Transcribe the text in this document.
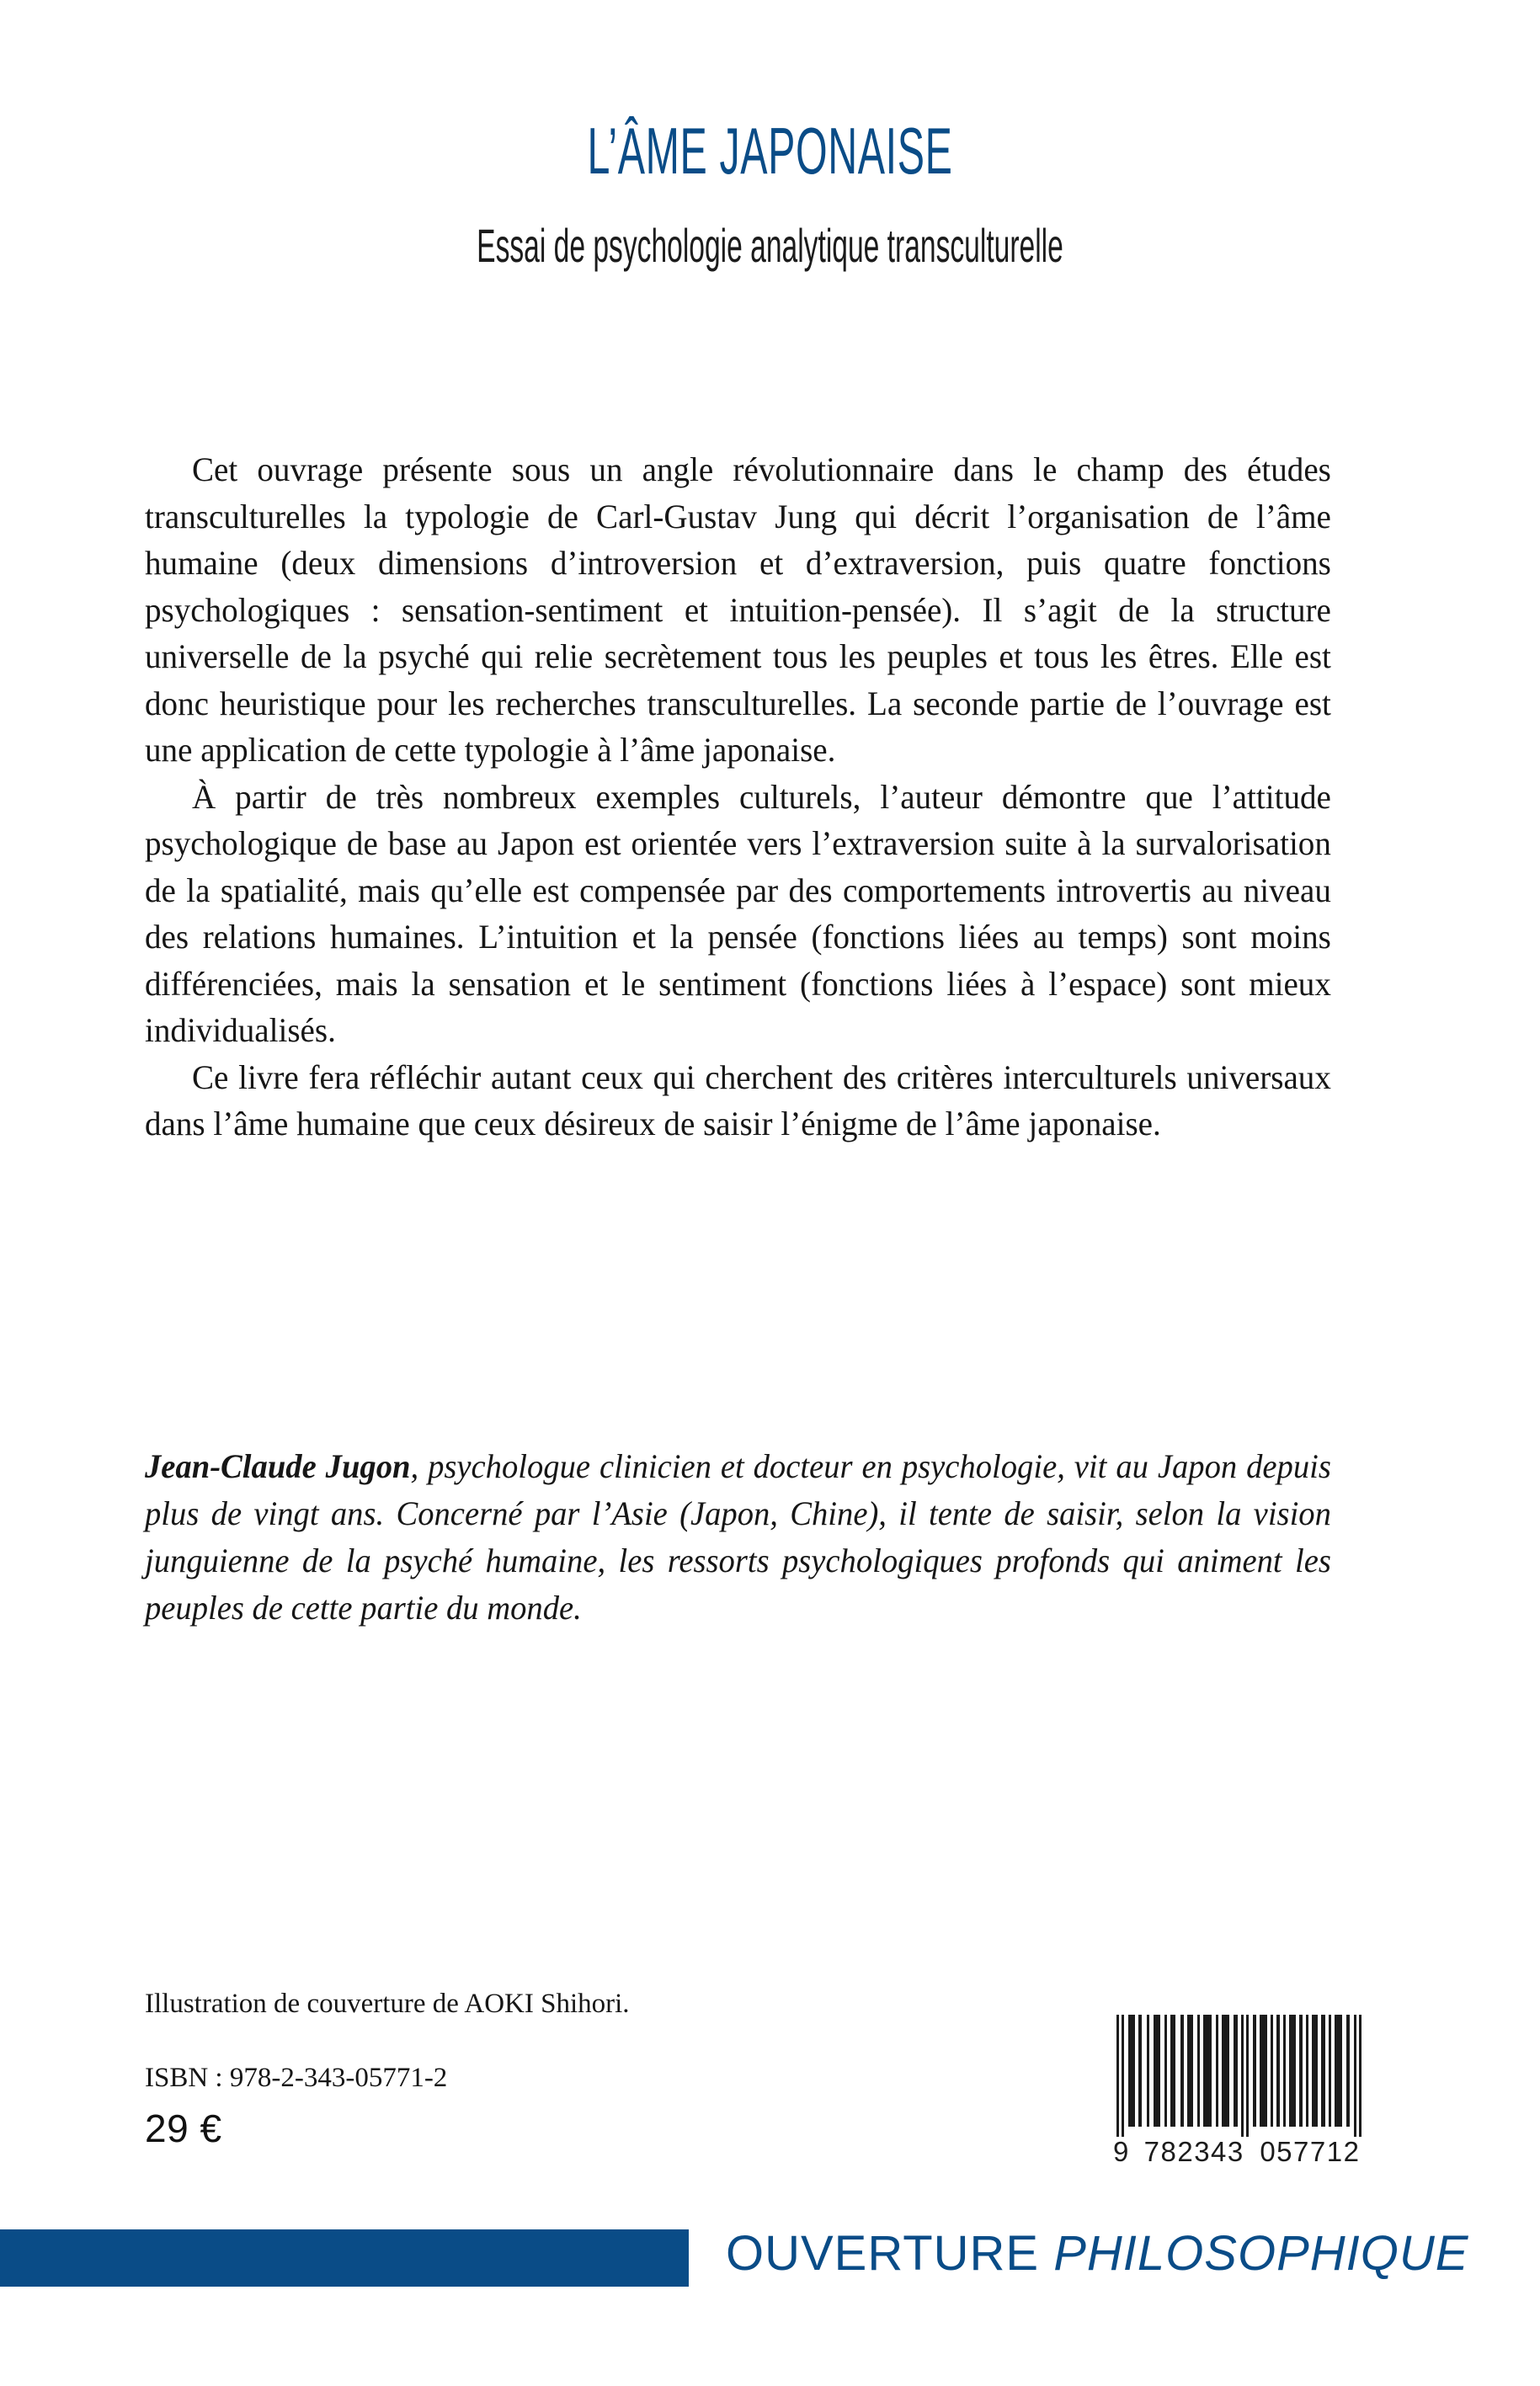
L’ÂME JAPONAISE
Essai de psychologie analytique transculturelle

Cet ouvrage présente sous un angle révolutionnaire dans le champ des études transculturelles la typologie de Carl-Gustav Jung qui décrit l’organisation de l’âme humaine (deux dimensions d’introversion et d’extraversion, puis quatre fonctions psychologiques : sensation-sentiment et intuition-pensée). Il s’agit de la structure universelle de la psyché qui relie secrètement tous les peuples et tous les êtres. Elle est donc heuristique pour les recherches transculturelles. La seconde partie de l’ouvrage est une application de cette typologie à l’âme japonaise.

À partir de très nombreux exemples culturels, l’auteur démontre que l’attitude psychologique de base au Japon est orientée vers l’extraversion suite à la survalorisation de la spatialité, mais qu’elle est compensée par des comportements introvertis au niveau des relations humaines. L’intuition et la pensée (fonctions liées au temps) sont moins différenciées, mais la sensation et le sentiment (fonctions liées à l’espace) sont mieux individualisés.

Ce livre fera réfléchir autant ceux qui cherchent des critères interculturels universaux dans l’âme humaine que ceux désireux de saisir l’énigme de l’âme japonaise.

Jean-Claude Jugon, psychologue clinicien et docteur en psychologie, vit au Japon depuis plus de vingt ans. Concerné par l’Asie (Japon, Chine), il tente de saisir, selon la vision junguienne de la psyché humaine, les ressorts psychologiques profonds qui animent les peuples de cette partie du monde.

Illustration de couverture de AOKI Shihori.

ISBN : 978-2-343-05771-2

29 €

9 782343 057712
OUVERTURE PHILOSOPHIQUE
